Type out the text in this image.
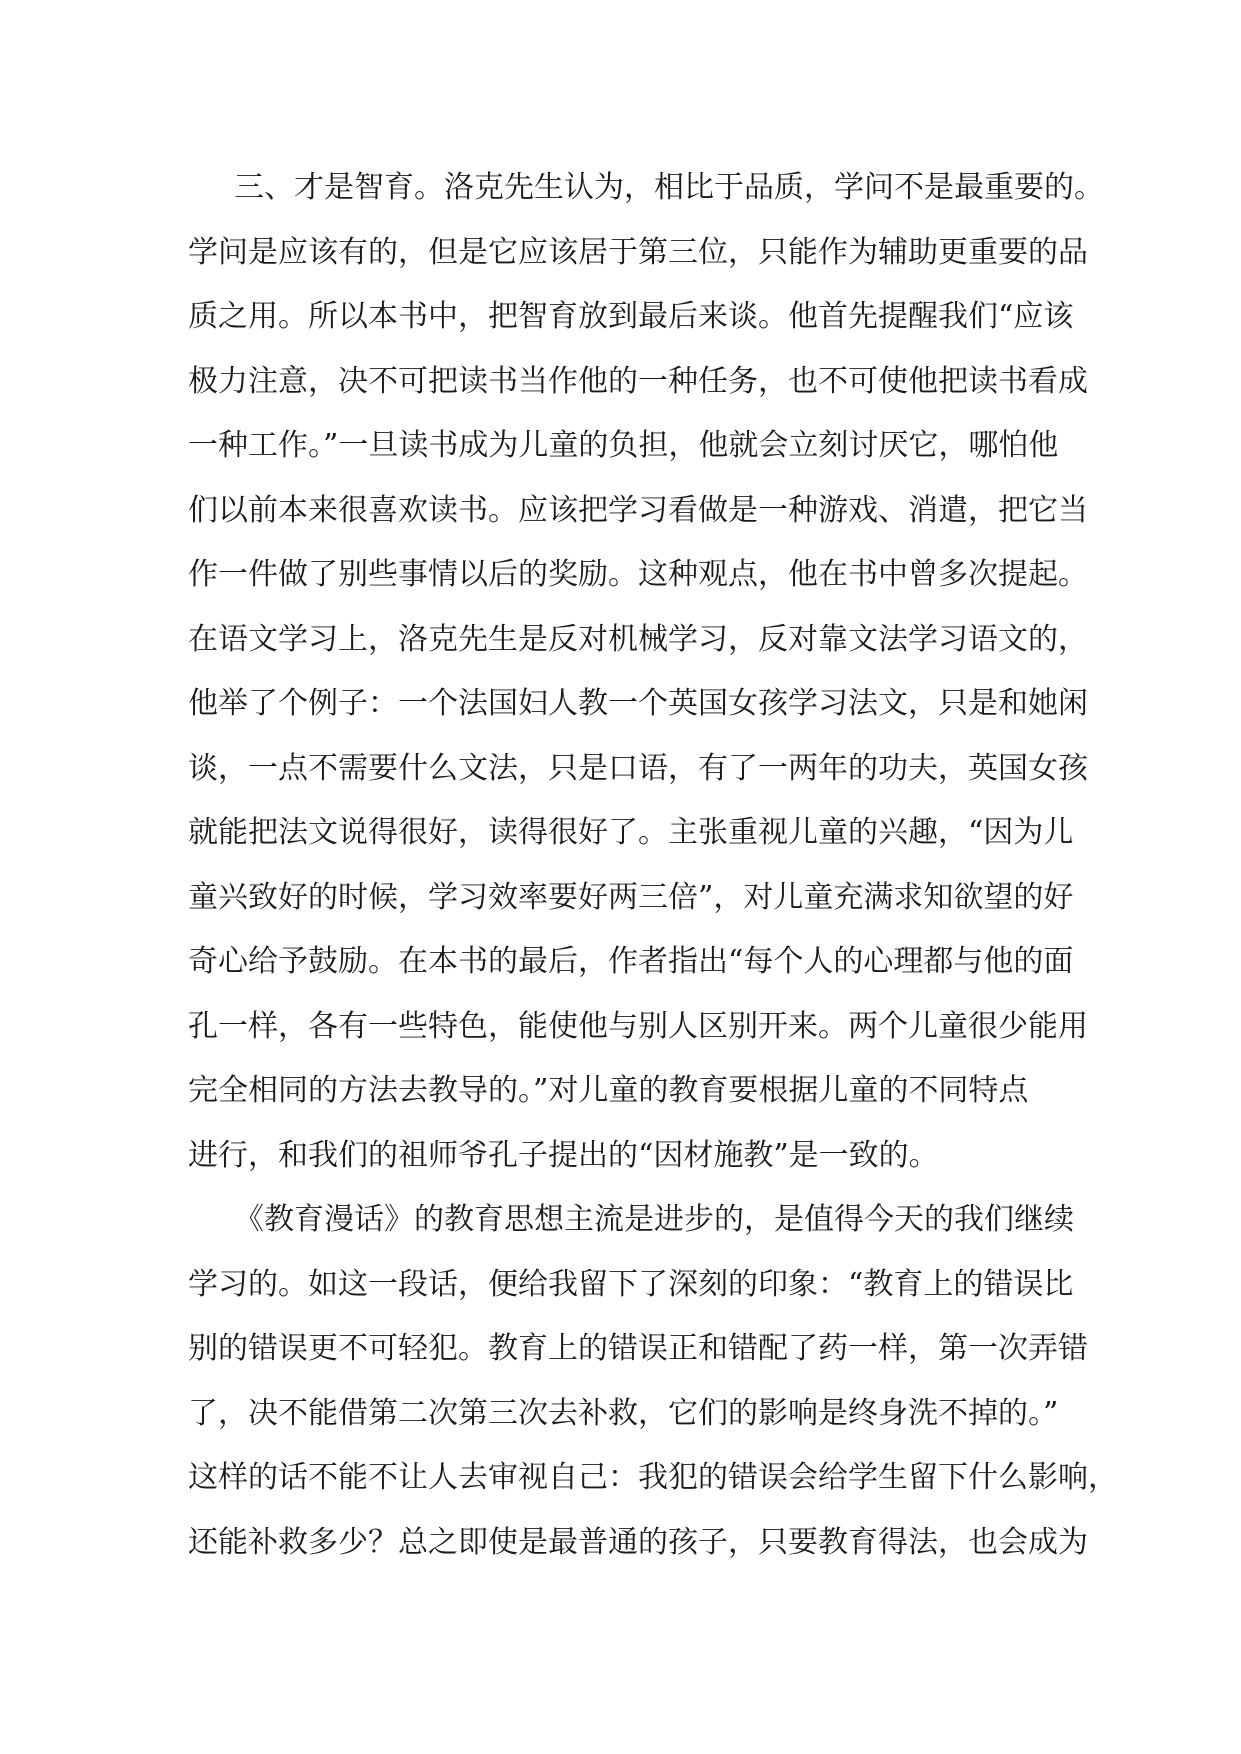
三、才是智育。洛克先生认为，相比于品质，学问不是最重要的。
学问是应该有的，但是它应该居于第三位，只能作为辅助更重要的品
质之用。所以本书中，把智育放到最后来谈。他首先提醒我们“应该
极力注意，决不可把读书当作他的一种任务，也不可使他把读书看成
一种工作。”一旦读书成为儿童的负担，他就会立刻讨厌它，哪怕他
们以前本来很喜欢读书。应该把学习看做是一种游戏、消遣，把它当
作一件做了别些事情以后的奖励。这种观点，他在书中曾多次提起。
在语文学习上，洛克先生是反对机械学习，反对靠文法学习语文的，
他举了个例子：一个法国妇人教一个英国女孩学习法文，只是和她闲
谈，一点不需要什么文法，只是口语，有了一两年的功夫，英国女孩
就能把法文说得很好，读得很好了。主张重视儿童的兴趣，“因为儿
童兴致好的时候，学习效率要好两三倍”，对儿童充满求知欲望的好
奇心给予鼓励。在本书的最后，作者指出“每个人的心理都与他的面
孔一样，各有一些特色，能使他与别人区别开来。两个儿童很少能用
完全相同的方法去教导的。”对儿童的教育要根据儿童的不同特点
进行，和我们的祖师爷孔子提出的“因材施教”是一致的。
《教育漫话》的教育思想主流是进步的，是值得今天的我们继续
学习的。如这一段话，便给我留下了深刻的印象：“教育上的错误比
别的错误更不可轻犯。教育上的错误正和错配了药一样，第一次弄错
了，决不能借第二次第三次去补救，它们的影响是终身洗不掉的。”
这样的话不能不让人去审视自己：我犯的错误会给学生留下什么影响，
还能补救多少？总之即使是最普通的孩子，只要教育得法，也会成为
